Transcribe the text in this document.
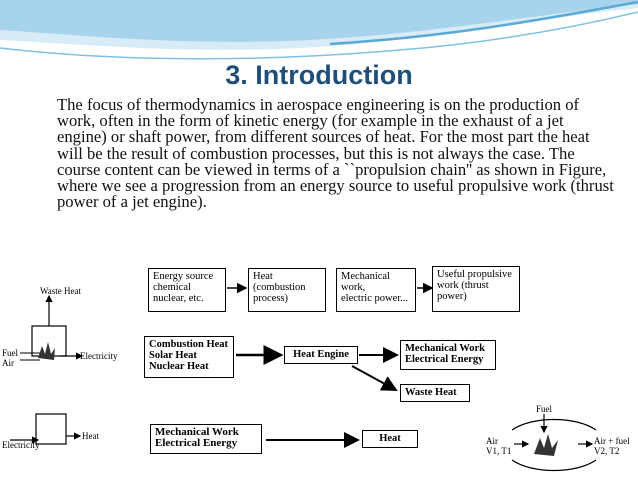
3. Introduction
The focus of thermodynamics in aerospace engineering is on the production of work, often in the form of kinetic energy (for example in the exhaust of a jet engine) or shaft power, from different sources of heat. For the most part the heat will be the result of combustion processes, but this is not always the case. The course content can be viewed in terms of a ``propulsion chain'' as shown in Figure, where we see a progression from an energy source to useful propulsive work (thrust power of a jet engine).
Energy source
chemical
nuclear, etc.
Heat
(combustion
process)
Mechanical
work,
electric power...
Useful propulsive
work (thrust
power)
Waste Heat
Fuel
Air
Electricity
Combustion Heat
Solar Heat
Nuclear Heat
Heat Engine
Mechanical Work
Electrical Energy
Waste Heat
Electricity
Heat	Mechanical Work
Electrical Energy	Heat
Fuel
Air
V1, T1
Air + fuel
V2, T2
